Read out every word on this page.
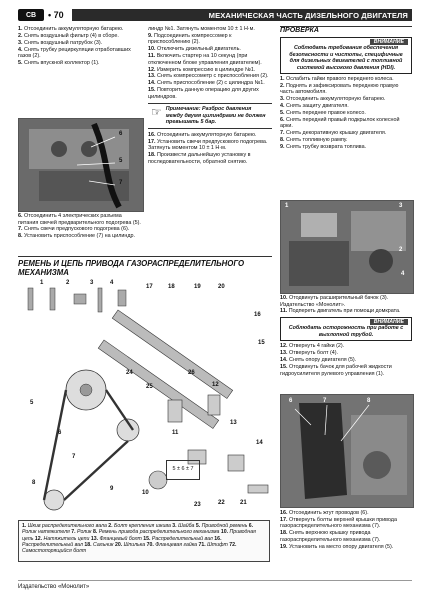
СВ	• 70	МЕХАНИЧЕСКАЯ ЧАСТЬ ДИЗЕЛЬНОГО ДВИГАТЕЛЯ

1. Отсоединить аккумуляторную батарею.

2. Снять воздушный фильтр (4) в сборе.

3. Снять воздушный патрубок (3).

4. Снять трубку рециркуляции отработавших газов (2).

5. Снять впускной коллектор (1).

6
5
7

6. Отсоединить 4 электрических разъема питания свечей предварительного подогрева (5).

7. Снять свечи предпускового подогрева (6).

8. Установить приспособление (7) на цилиндр.

линдр №1. Затянуть моментом 10 ± 1 Н·м.

9. Подсоединить компрессомер к приспособлению (2).

10. Отключить дизельный двигатель.

11. Включить стартер на 10 секунд (при отключенном блоке управления двигателем).

12. Измерить компрессию в цилиндре №1.

13. Снять компрессометр с приспособления (2).

14. Снять приспособление (2) с цилиндра №1.

15. Повторить данную операцию для других цилиндров.

☞ Примечание: Разброс давления между двумя цилиндрами не должен превышать 5 бар.

16. Отсоединить аккумуляторную батарею.

17. Установить свечи предпускового подогрева. Затянуть моментом 10 ± 1 Н·м.

18. Произвести дальнейшую установку в последовательности, обратной снятию.

РЕМЕНЬ И ЦЕПЬ ПРИВОДА ГАЗОРАСПРЕДЕЛИТЕЛЬНОГО МЕХАНИЗМА
5 ± 6 ± 7
1	2	3	4
5
6
7
8
9
10
11
12
13
14
15
16
17	18	19	20
21
22
23
24
25
26
1. Шкив распределительного вала 2. Болт крепления шкива 3. Шайба 5. Приводной ремень 6. Ролик натяжителя 7. Ролик 8. Ремень привода распределительного механизма 10. Приводная цепь 12. Натяжитель цепи 13. Фланцевый болт 15. Распределительный вал 16. Распределительный вал 18. Сальник 20. Шпилька 70. Фланцевая гайка 71. Штифт 72. Самостопорящийся болт
ПРОВЕРКА
ВНИМАНИЕ
Соблюдать требования обеспечения безопасности и чистоты, специфичные для дизельных двигателей с топливной системой высокого давления (HDI).

1. Ослабить гайки правого переднего колеса.

2. Поднять и зафиксировать переднюю правую часть автомобиля.

3. Отсоединить аккумуляторную батарею.

4. Снять защиту двигателя.

5. Снять переднее правое колесо.

6. Снять передний правый подкрылок колесной арки.

7. Снять декоративную крышку двигателя.

8. Снять топливную рампу.

9. Снять трубку возврата топлива.

1	3
2
4

10. Отодвинуть расширительный бачок (3). Издательство «Монолит».

11. Подпереть двигатель при помощи домкрата.

ВНИМАНИЕ
Соблюдать осторожность при работе с выхлопной трубой.

12. Отвернуть 4 гайки (2).

13. Отвернуть болт (4).

14. Снять опору двигателя (5).

15. Отодвинуть бачок для рабочей жидкости гидроусилителя рулевого управления (1).

6	7	8

16. Отсоединить жгут проводов (6).

17. Отвернуть болты верхней крышки привода газораспределительного механизма (7).

18. Снять верхнюю крышку привода газораспределительного механизма (7).

19. Установить на место опору двигателя (5).

Издательство «Монолит»
